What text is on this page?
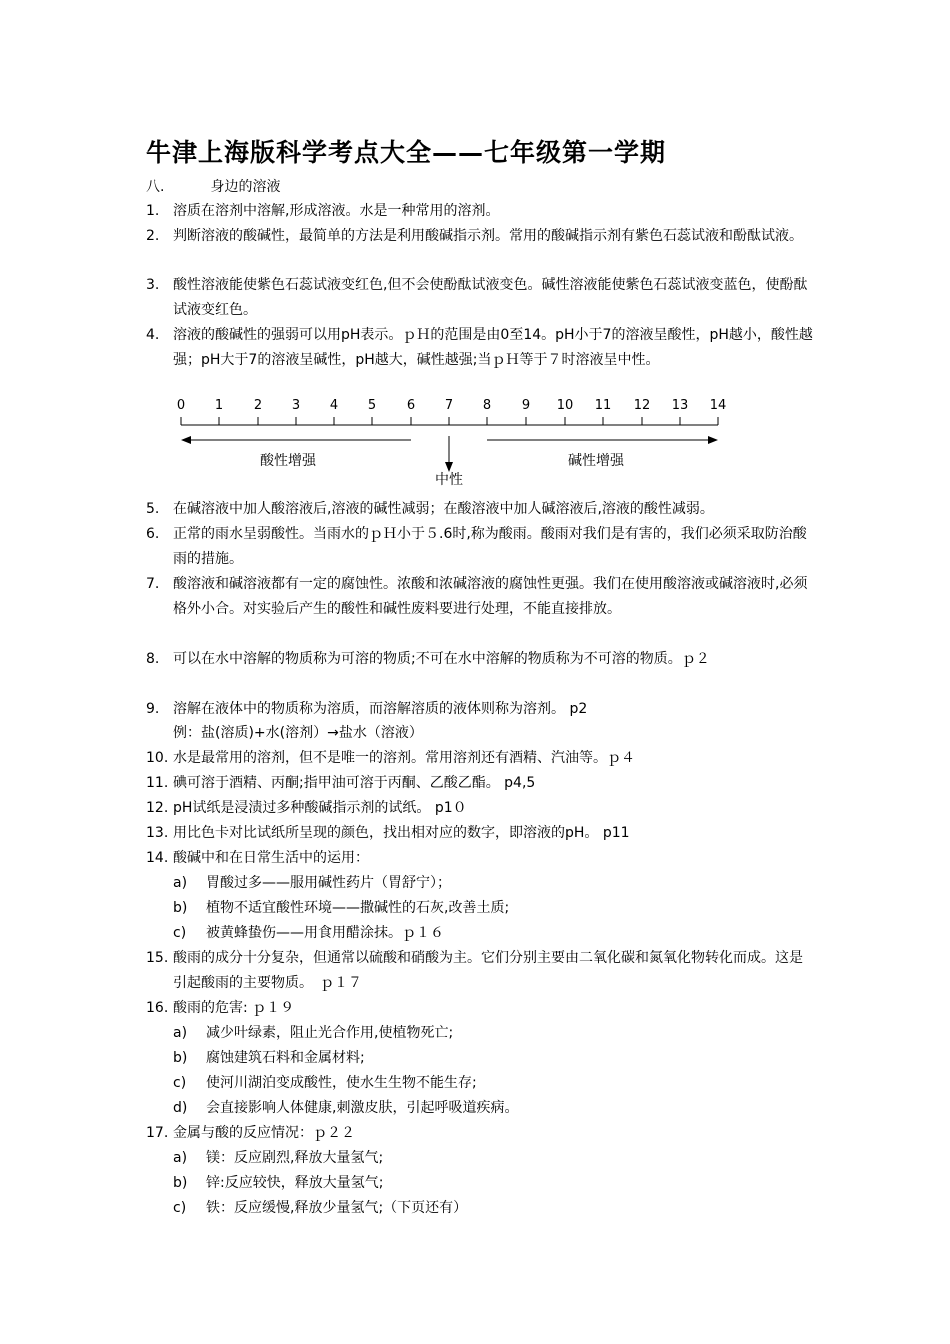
牛津上海版科学考点大全——七年级第一学期
八.	身边的溶液
1. 溶质在溶剂中溶解,形成溶液。水是一种常用的溶剂。
2. 判断溶液的酸碱性，最简单的方法是利用酸碱指示剂。常用的酸碱指示剂有紫色石蕊试液和酚酞试液。
3. 酸性溶液能使紫色石蕊试液变红色,但不会使酚酞试液变色。碱性溶液能使紫色石蕊试液变蓝色，使酚酞试液变红色。
4. 溶液的酸碱性的强弱可以用pH表示。ｐＨ的范围是由0至14。pH小于7的溶液呈酸性，pH越小，酸性越强；pH大于7的溶液呈碱性，pH越大，碱性越强;当ｐＨ等于７时溶液呈中性。
0 1 2 3 4 5 6 7 8 9 10 11 12 13 14
酸性增强	碱性增强
中性
5. 在碱溶液中加人酸溶液后,溶液的碱性减弱；在酸溶液中加人碱溶液后,溶液的酸性减弱。
6. 正常的雨水呈弱酸性。当雨水的ｐＨ小于５.6时,称为酸雨。酸雨对我们是有害的，我们必须采取防治酸雨的措施。
7. 酸溶液和碱溶液都有一定的腐蚀性。浓酸和浓碱溶液的腐蚀性更强。我们在使用酸溶液或碱溶液时,必须格外小合。对实验后产生的酸性和碱性废料要进行处理，不能直接排放。
8. 可以在水中溶解的物质称为可溶的物质;不可在水中溶解的物质称为不可溶的物质。ｐ２
9. 溶解在液体中的物质称为溶质，而溶解溶质的液体则称为溶剂。 p2
例：盐(溶质)+水(溶剂）→盐水（溶液）
10. 水是最常用的溶剂，但不是唯一的溶剂。常用溶剂还有酒精、汽油等。ｐ４
11. 碘可溶于酒精、丙酮;指甲油可溶于丙酮、乙酸乙酯。 p4,5
12. pH试纸是浸渍过多种酸碱指示剂的试纸。 p1０
13. 用比色卡对比试纸所呈现的颜色，找出相对应的数字，即溶液的pH。 p11
14. 酸碱中和在日常生活中的运用：
a) 胃酸过多——服用碱性药片（胃舒宁）；
b) 植物不适宜酸性环境——撒碱性的石灰,改善土质;
c) 被黄蜂蛰伤——用食用醋涂抹。ｐ１６
15. 酸雨的成分十分复杂，但通常以硫酸和硝酸为主。它们分别主要由二氧化碳和氮氧化物转化而成。这是引起酸雨的主要物质。　ｐ１７
16. 酸雨的危害: ｐ１９
a) 减少叶绿素，阻止光合作用,使植物死亡;
b) 腐蚀建筑石料和金属材料;
c) 使河川湖泊变成酸性，使水生生物不能生存;
d) 会直接影响人体健康,刺激皮肤，引起呼吸道疾病。
17. 金属与酸的反应情况：ｐ２２
a) 镁：反应剧烈,释放大量氢气;
b) 锌:反应较快，释放大量氢气;
c) 铁：反应缓慢,释放少量氢气;（下页还有）
